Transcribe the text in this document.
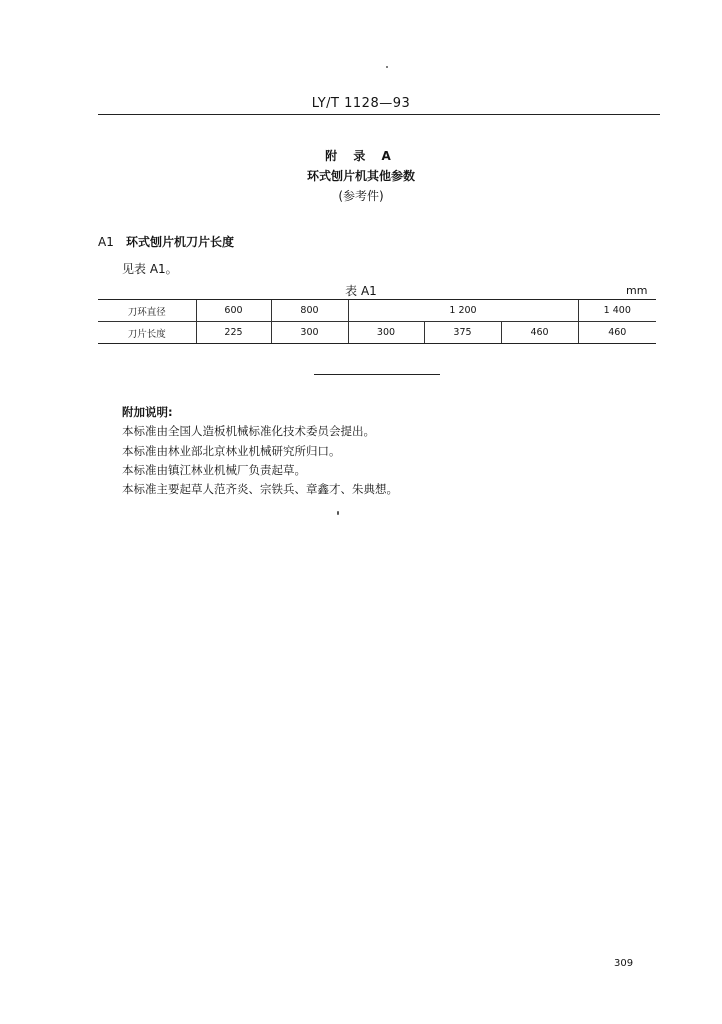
LY/T 1128—93
附 录 A
环式刨片机其他参数
(参考件)
A1 环式刨片机刀片长度
见表 A1。
表 A1	mm
刀环直径	600	800	1 200			1 400
刀片长度	225	300	300	375	460	460
附加说明:
本标准由全国人造板机械标准化技术委员会提出。
本标准由林业部北京林业机械研究所归口。
本标准由镇江林业机械厂负责起草。
本标准主要起草人范齐炎、宗铁兵、章鑫才、朱典想。
309
